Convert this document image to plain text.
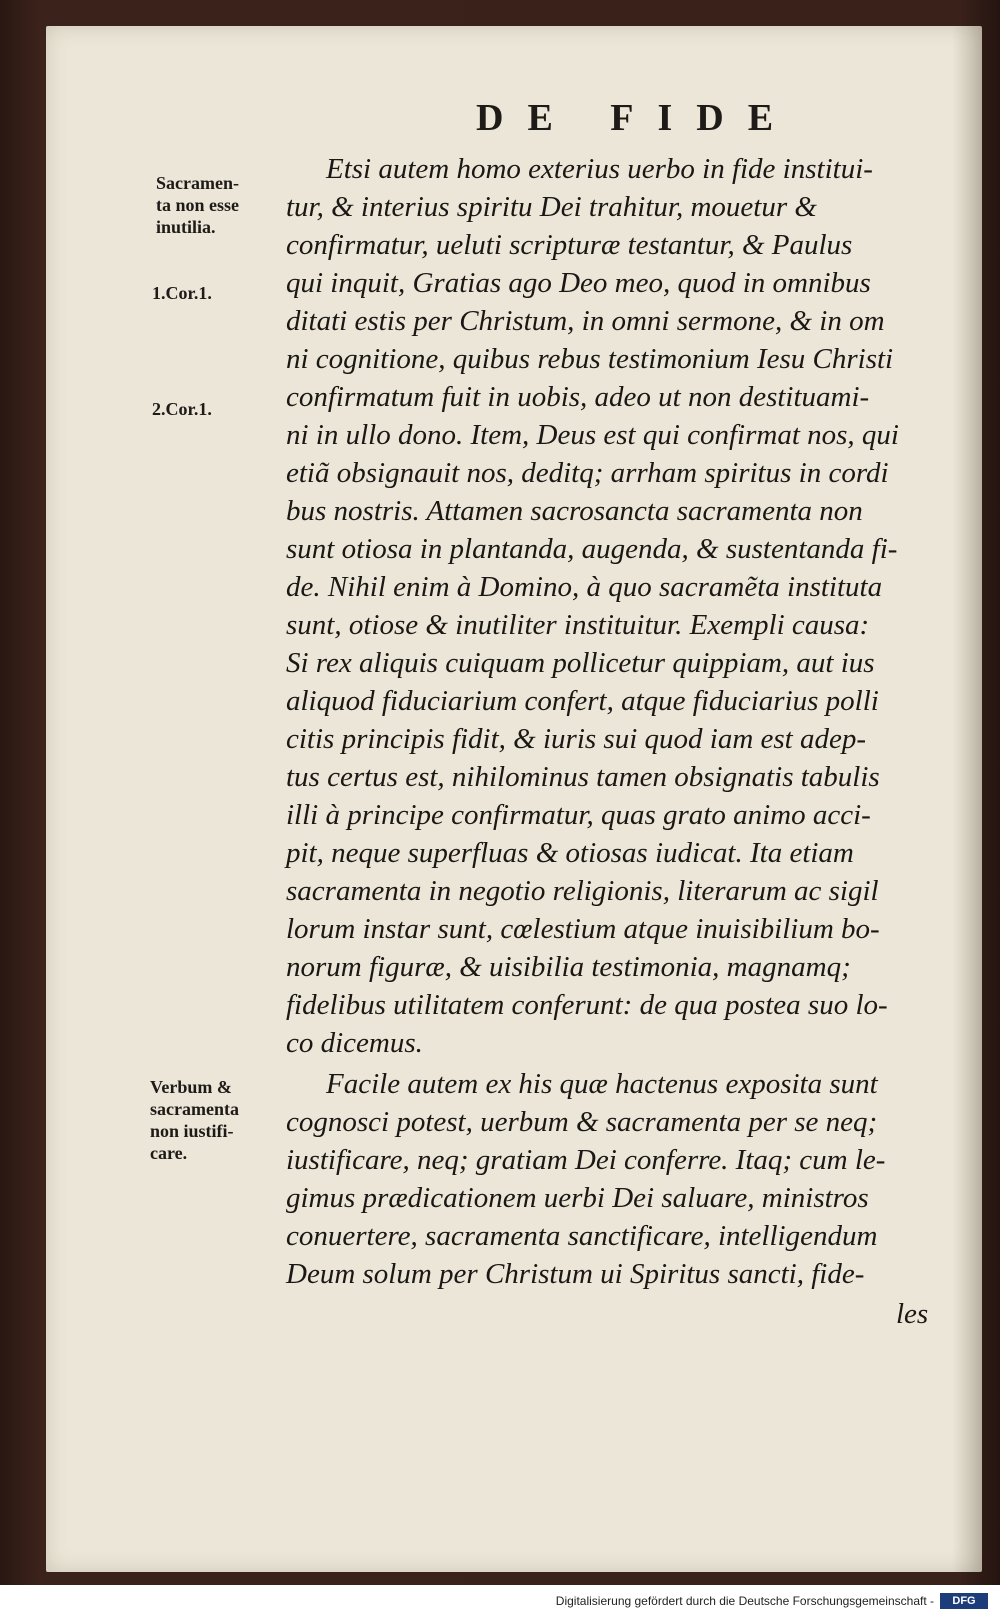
DE FIDE
Sacramen-
ta non esse
inutilia.
1.Cor.1.
2.Cor.1.
Verbum &
sacramenta
non iustifi-
care.
Etsi autem homo exterius uerbo in fide institui-
tur, & interius spiritu Dei trahitur, mouetur &
confirmatur, ueluti scripturæ testantur, & Paulus
qui inquit, Gratias ago Deo meo, quod in omnibus
ditati estis per Christum, in omni sermone, & in om
ni cognitione, quibus rebus testimonium Iesu Christi
confirmatum fuit in uobis, adeo ut non destituami-
ni in ullo dono. Item, Deus est qui confirmat nos, qui
etiã obsignauit nos, deditq; arrham spiritus in cordi
bus nostris. Attamen sacrosancta sacramenta non
sunt otiosa in plantanda, augenda, & sustentanda fi-
de. Nihil enim à Domino, à quo sacramẽta instituta
sunt, otiose & inutiliter instituitur. Exempli causa:
Si rex aliquis cuiquam pollicetur quippiam, aut ius
aliquod fiduciarium confert, atque fiduciarius polli
citis principis fidit, & iuris sui quod iam est adep-
tus certus est, nihilominus tamen obsignatis tabulis
illi à principe confirmatur, quas grato animo acci-
pit, neque superfluas & otiosas iudicat. Ita etiam
sacramenta in negotio religionis, literarum ac sigil
lorum instar sunt, cœlestium atque inuisibilium bo-
norum figuræ, & uisibilia testimonia, magnamq;
fidelibus utilitatem conferunt: de qua postea suo lo-
co dicemus.
Facile autem ex his quæ hactenus exposita sunt
cognosci potest, uerbum & sacramenta per se neq;
iustificare, neq; gratiam Dei conferre. Itaq; cum le-
gimus prædicationem uerbi Dei saluare, ministros
conuertere, sacramenta sanctificare, intelligendum
Deum solum per Christum ui Spiritus sancti, fide-
les
Digitalisierung gefördert durch die Deutsche Forschungsgemeinschaft -	DFG
